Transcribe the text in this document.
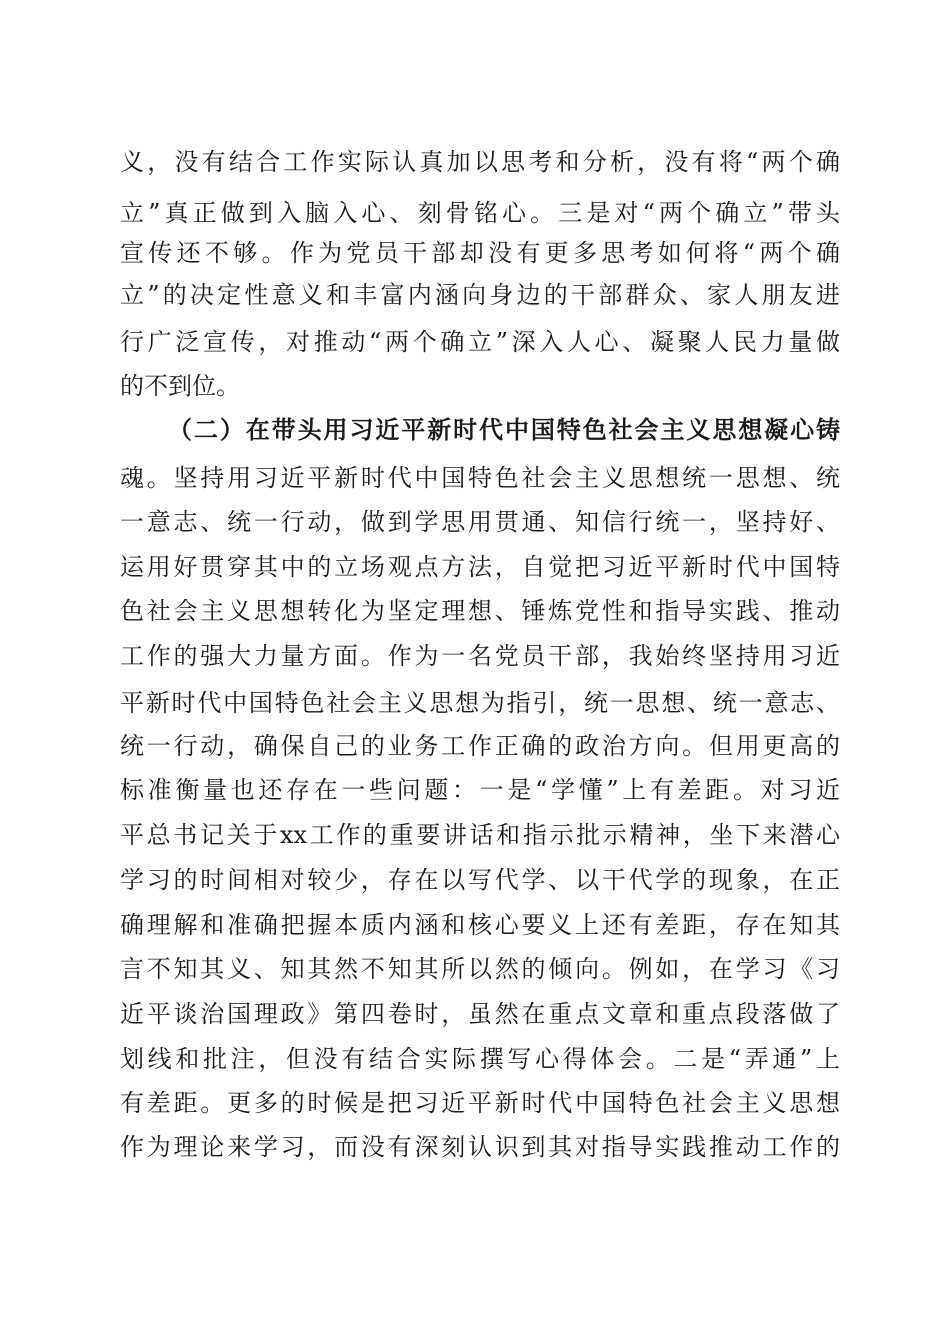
义，没有结合工作实际认真加以思考和分析，没有将“两个确
立”真正做到入脑入心、刻骨铭心。三是对“两个确立”带头
宣传还不够。作为党员干部却没有更多思考如何将“两个确
立”的决定性意义和丰富内涵向身边的干部群众、家人朋友进
行广泛宣传，对推动“两个确立”深入人心、凝聚人民力量做
的不到位。
（二）在带头用习近平新时代中国特色社会主义思想凝心铸
魂。坚持用习近平新时代中国特色社会主义思想统一思想、统
一意志、统一行动，做到学思用贯通、知信行统一，坚持好、
运用好贯穿其中的立场观点方法，自觉把习近平新时代中国特
色社会主义思想转化为坚定理想、锤炼党性和指导实践、推动
工作的强大力量方面。作为一名党员干部，我始终坚持用习近
平新时代中国特色社会主义思想为指引，统一思想、统一意志、
统一行动，确保自己的业务工作正确的政治方向。但用更高的
标准衡量也还存在一些问题：一是“学懂”上有差距。对习近
平总书记关于xx工作的重要讲话和指示批示精神，坐下来潜心
学习的时间相对较少，存在以写代学、以干代学的现象，在正
确理解和准确把握本质内涵和核心要义上还有差距，存在知其
言不知其义、知其然不知其所以然的倾向。例如，在学习《习
近平谈治国理政》第四卷时，虽然在重点文章和重点段落做了
划线和批注，但没有结合实际撰写心得体会。二是“弄通”上
有差距。更多的时候是把习近平新时代中国特色社会主义思想
作为理论来学习，而没有深刻认识到其对指导实践推动工作的
